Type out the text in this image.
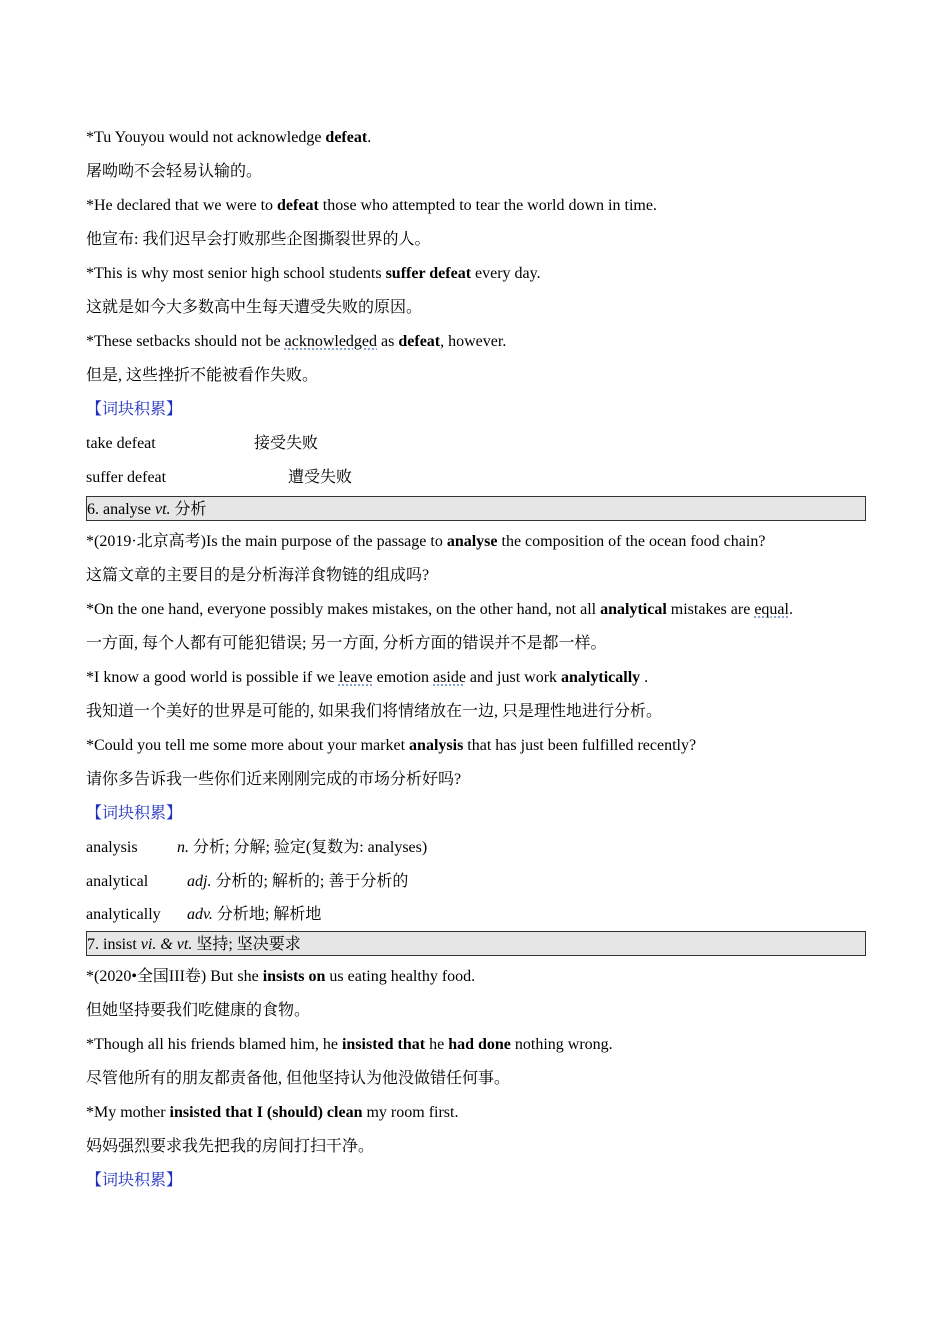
*Tu Youyou would not acknowledge defeat.
屠呦呦不会轻易认输的。
*He declared that we were to defeat those who attempted to tear the world down in time.
他宣布: 我们迟早会打败那些企图撕裂世界的人。
*This is why most senior high school students suffer defeat every day.
这就是如今大多数高中生每天遭受失败的原因。
*These setbacks should not be acknowledged as defeat, however.
但是, 这些挫折不能被看作失败。
【词块积累】
take defeat	接受失败
suffer defeat	遭受失败
6. analyse vt. 分析
*(2019·北京高考)Is the main purpose of the passage to analyse the composition of the ocean food chain?
这篇文章的主要目的是分析海洋食物链的组成吗?
*On the one hand, everyone possibly makes mistakes, on the other hand, not all analytical mistakes are equal.
一方面, 每个人都有可能犯错误; 另一方面, 分析方面的错误并不是都一样。
*I know a good world is possible if we leave emotion aside and just work analytically .
我知道一个美好的世界是可能的, 如果我们将情绪放在一边, 只是理性地进行分析。
*Could you tell me some more about your market analysis that has just been fulfilled recently?
请你多告诉我一些你们近来刚刚完成的市场分析好吗?
【词块积累】
analysis n. 分析; 分解; 验定(复数为: analyses)
analytical adj. 分析的; 解析的; 善于分析的
analytically adv. 分析地; 解析地
7. insist vi. & vt. 坚持; 坚决要求
*(2020•全国III卷) But she insists on us eating healthy food.
但她坚持要我们吃健康的食物。
*Though all his friends blamed him, he insisted that he had done nothing wrong.
尽管他所有的朋友都责备他, 但他坚持认为他没做错任何事。
*My mother insisted that I (should) clean my room first.
妈妈强烈要求我先把我的房间打扫干净。
【词块积累】
